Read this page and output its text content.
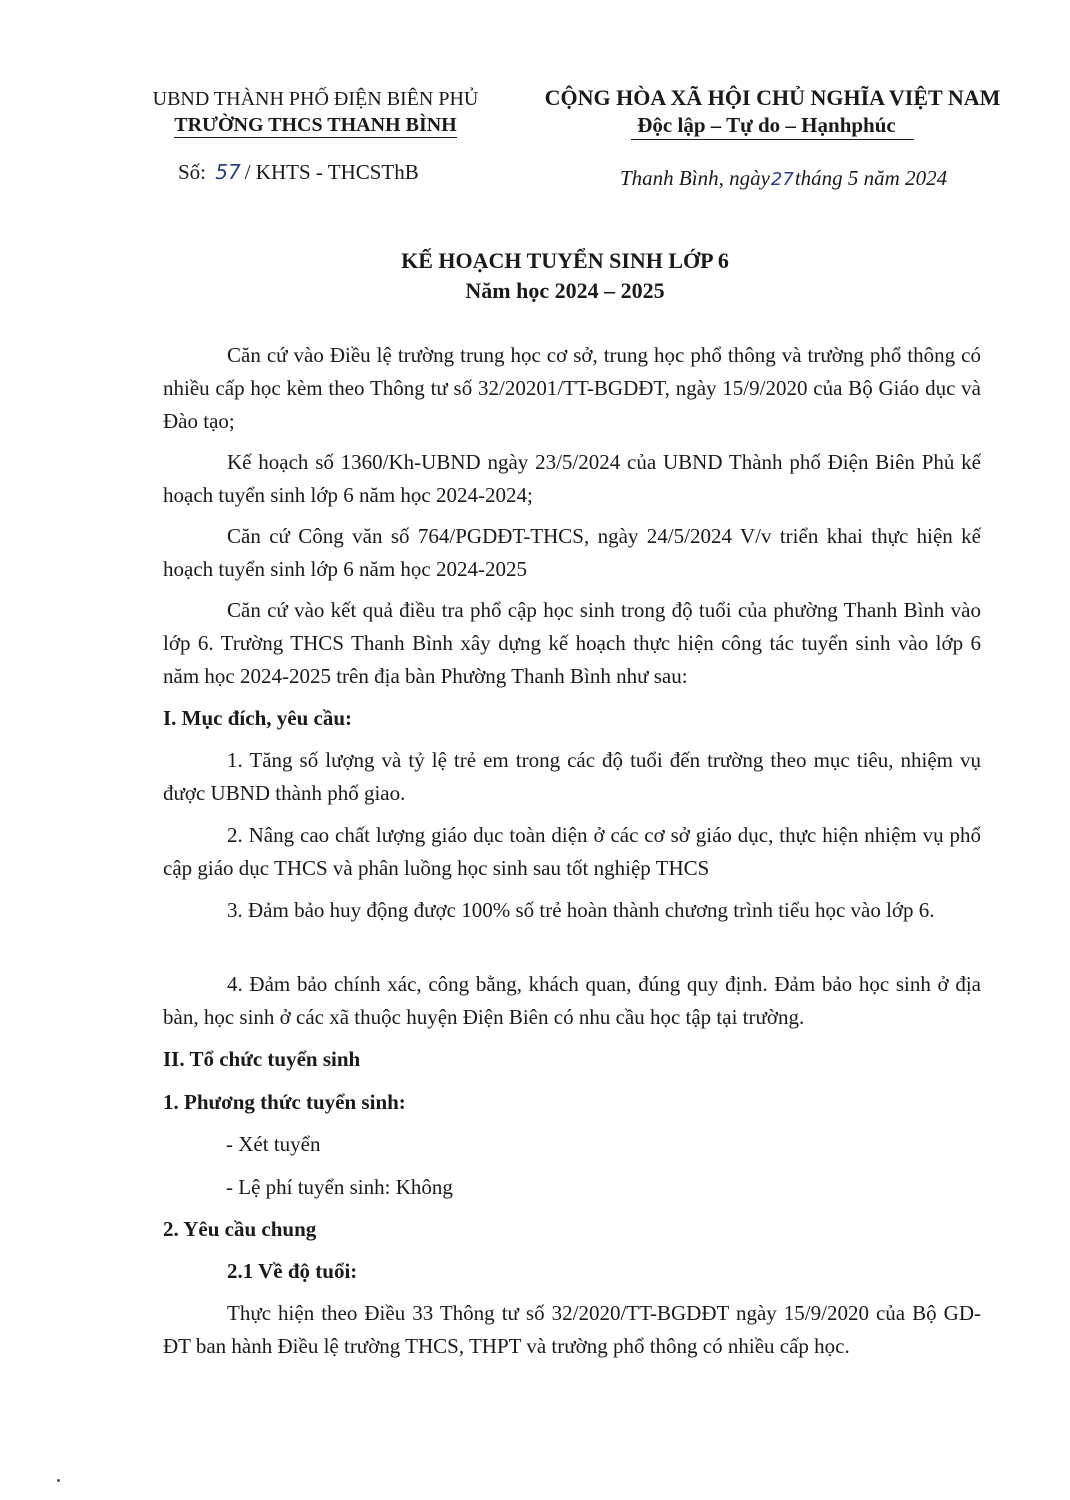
UBND THÀNH PHỐ ĐIỆN BIÊN PHỦ
TRƯỜNG THCS THANH BÌNH
CỘNG HÒA XÃ HỘI CHỦ NGHĨA VIỆT NAM
Độc lập – Tự do – Hạnhphúc
Số: 57 / KHTS - THCSThB	Thanh Bình, ngày27tháng 5 năm 2024
KẾ HOẠCH TUYỂN SINH LỚP 6
Năm học 2024 – 2025
Căn cứ vào Điều lệ trường trung học cơ sở, trung học phổ thông và trường phổ thông có nhiều cấp học kèm theo Thông tư số 32/20201/TT-BGDĐT, ngày 15/9/2020 của Bộ Giáo dục và Đào tạo;
Kế hoạch số 1360/Kh-UBND ngày 23/5/2024 của UBND Thành phố Điện Biên Phủ kế hoạch tuyển sinh lớp 6 năm học 2024-2024;
Căn cứ Công văn số 764/PGDĐT-THCS, ngày 24/5/2024 V/v triển khai thực hiện kế hoạch tuyển sinh lớp 6 năm học 2024-2025
Căn cứ vào kết quả điều tra phổ cập học sinh trong độ tuổi của phường Thanh Bình vào lớp 6. Trường THCS Thanh Bình xây dựng kế hoạch thực hiện công tác tuyển sinh vào lớp 6 năm học 2024-2025 trên địa bàn Phường Thanh Bình như sau:
I. Mục đích, yêu cầu:
1. Tăng số lượng và tỷ lệ trẻ em trong các độ tuổi đến trường theo mục tiêu, nhiệm vụ được UBND thành phố giao.
2. Nâng cao chất lượng giáo dục toàn diện ở các cơ sở giáo dục, thực hiện nhiệm vụ phổ cập giáo dục THCS và phân luồng học sinh sau tốt nghiệp THCS
3. Đảm bảo huy động được 100% số trẻ hoàn thành chương trình tiểu học vào lớp 6.
4. Đảm bảo chính xác, công bằng, khách quan, đúng quy định. Đảm bảo học sinh ở địa bàn, học sinh ở các xã thuộc huyện Điện Biên có nhu cầu học tập tại trường.
II. Tổ chức tuyển sinh
1. Phương thức tuyển sinh:
- Xét tuyển
- Lệ phí tuyển sinh: Không
2. Yêu cầu chung
2.1 Về độ tuổi:
Thực hiện theo Điều 33 Thông tư số 32/2020/TT-BGDĐT ngày 15/9/2020 của Bộ GD-ĐT ban hành Điều lệ trường THCS, THPT và trường phổ thông có nhiều cấp học.
